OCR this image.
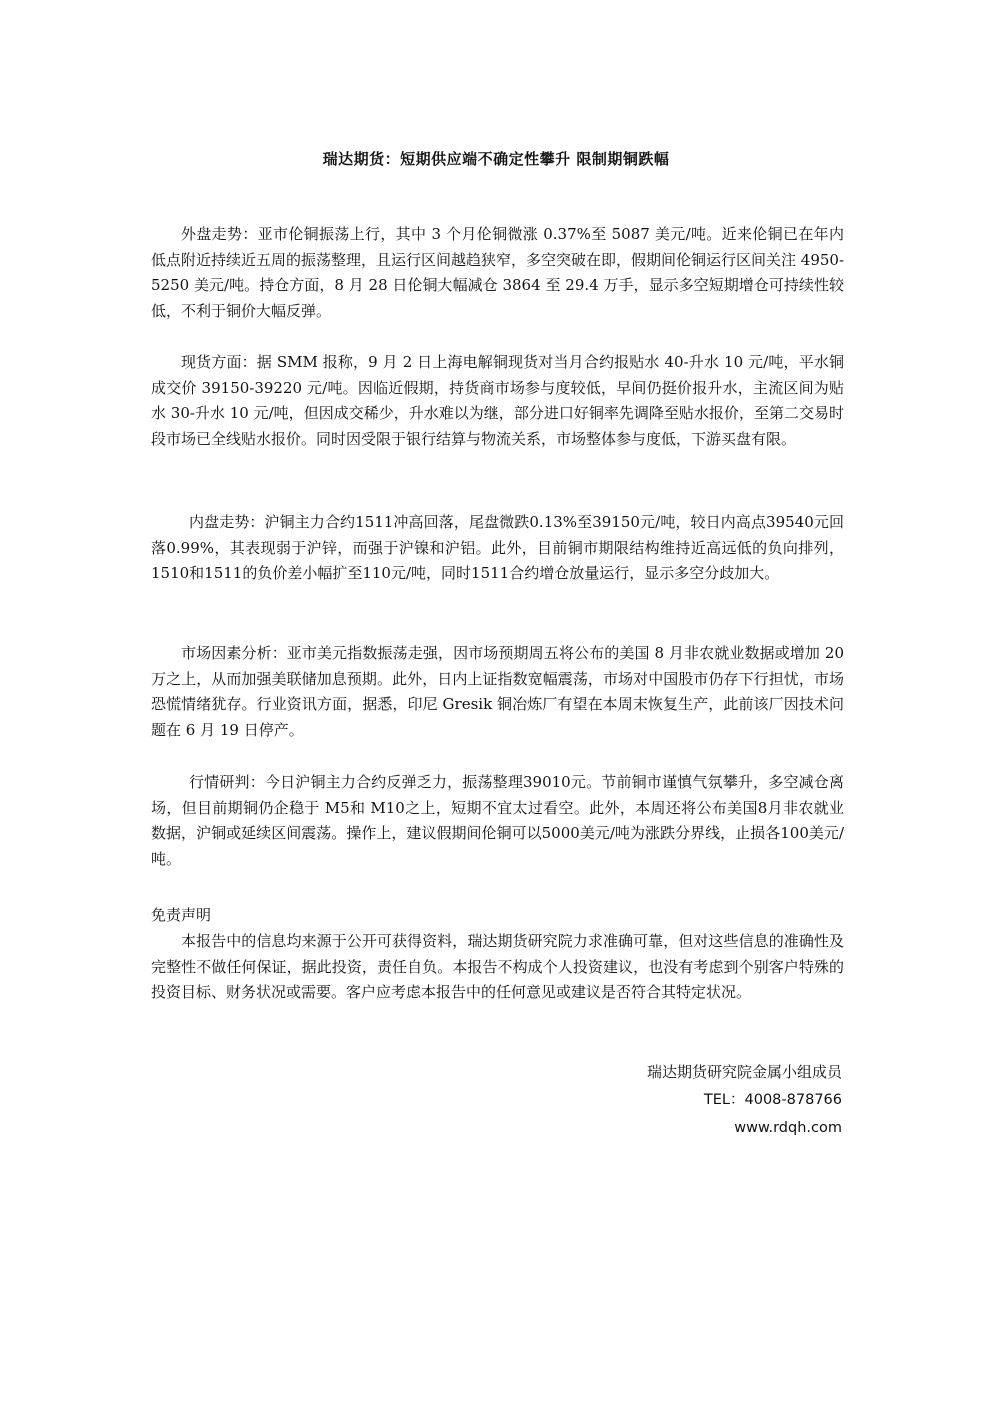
瑞达期货：短期供应端不确定性攀升 限制期铜跌幅

外盘走势：亚市伦铜振荡上行，其中 3 个月伦铜微涨 0.37%至 5087 美元/吨。近来伦铜已在年内低点附近持续近五周的振荡整理，且运行区间越趋狭窄，多空突破在即，假期间伦铜运行区间关注 4950-5250 美元/吨。持仓方面，8 月 28 日伦铜大幅减仓 3864 至 29.4 万手，显示多空短期增仓可持续性较低，不利于铜价大幅反弹。

现货方面：据 SMM 报称，9 月 2 日上海电解铜现货对当月合约报贴水 40-升水 10 元/吨，平水铜成交价 39150-39220 元/吨。因临近假期，持货商市场参与度较低，早间仍挺价报升水，主流区间为贴水 30-升水 10 元/吨，但因成交稀少，升水难以为继，部分进口好铜率先调降至贴水报价，至第二交易时段市场已全线贴水报价。同时因受限于银行结算与物流关系，市场整体参与度低，下游买盘有限。

内盘走势：沪铜主力合约1511冲高回落，尾盘微跌0.13%至39150元/吨，较日内高点39540元回落0.99%，其表现弱于沪锌，而强于沪镍和沪铝。此外，目前铜市期限结构维持近高远低的负向排列，1510和1511的负价差小幅扩至110元/吨，同时1511合约增仓放量运行，显示多空分歧加大。

市场因素分析：亚市美元指数振荡走强，因市场预期周五将公布的美国 8 月非农就业数据或增加 20 万之上，从而加强美联储加息预期。此外，日内上证指数宽幅震荡，市场对中国股市仍存下行担忧，市场恐慌情绪犹存。行业资讯方面，据悉，印尼 Gresik 铜冶炼厂有望在本周末恢复生产，此前该厂因技术问题在 6 月 19 日停产。

行情研判：今日沪铜主力合约反弹乏力，振荡整理39010元。节前铜市谨慎气氛攀升，多空减仓离场，但目前期铜仍企稳于 M5和 M10之上，短期不宜太过看空。此外，本周还将公布美国8月非农就业数据，沪铜或延续区间震荡。操作上，建议假期间伦铜可以5000美元/吨为涨跌分界线，止损各100美元/吨。

免责声明

本报告中的信息均来源于公开可获得资料，瑞达期货研究院力求准确可靠，但对这些信息的准确性及完整性不做任何保证，据此投资，责任自负。本报告不构成个人投资建议，也没有考虑到个别客户特殊的投资目标、财务状况或需要。客户应考虑本报告中的任何意见或建议是否符合其特定状况。

瑞达期货研究院金属小组成员
TEL：4008-878766
www.rdqh.com
